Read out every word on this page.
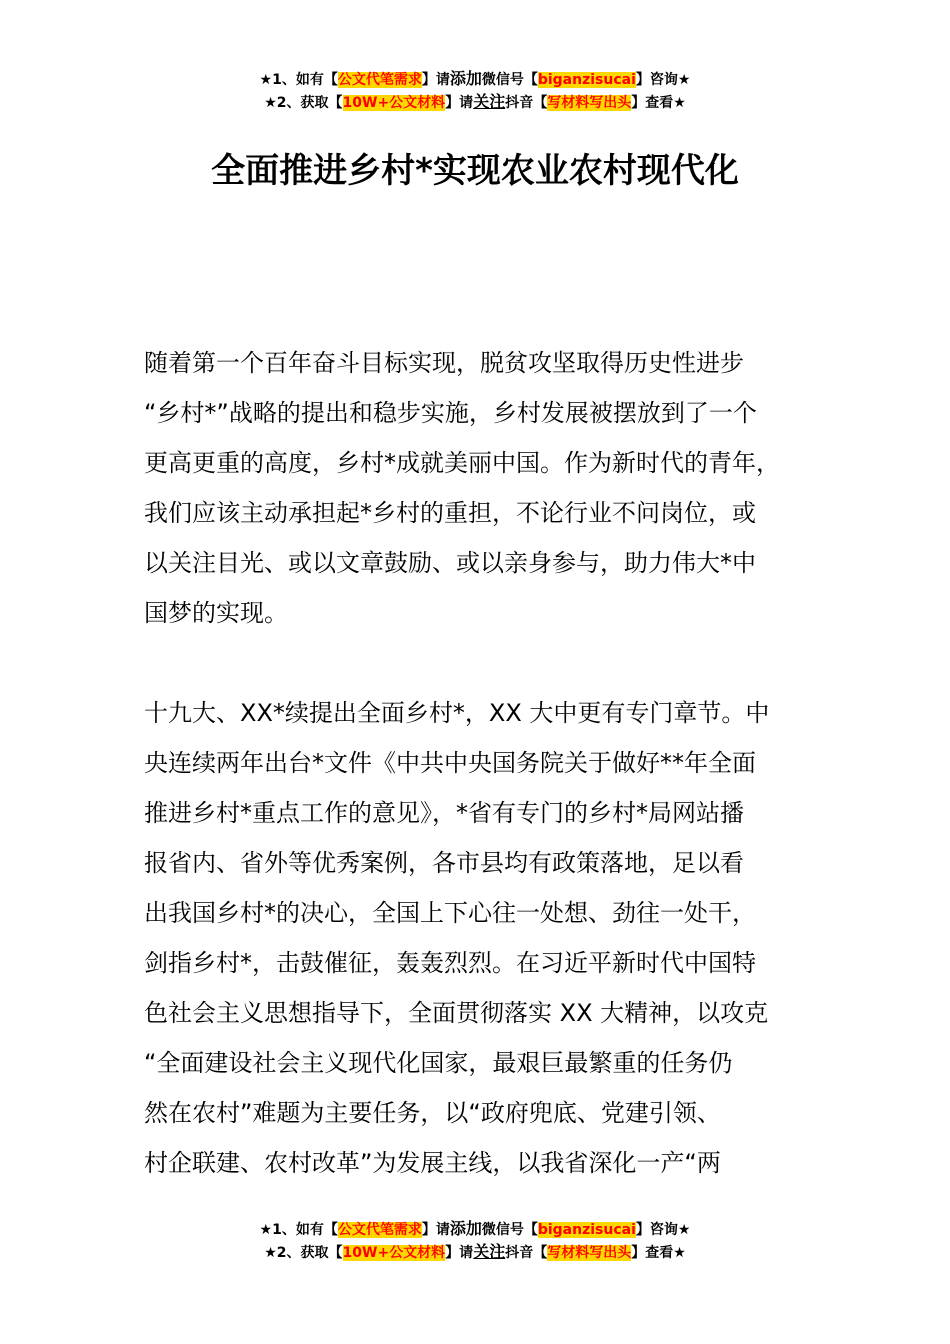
★1、如有【公文代笔需求】请添加微信号【biganzisucai】咨询★
★2、获取【10W+公文材料】请关注抖音【写材料写出头】查看★
全面推进乡村*实现农业农村现代化
随着第一个百年奋斗目标实现，脱贫攻坚取得历史性进步
“乡村*”战略的提出和稳步实施，乡村发展被摆放到了一个
更高更重的高度，乡村*成就美丽中国。作为新时代的青年，
我们应该主动承担起*乡村的重担，不论行业不问岗位，或
以关注目光、或以文章鼓励、或以亲身参与，助力伟大*中
国梦的实现。
十九大、XX*续提出全面乡村*，XX 大中更有专门章节。中
央连续两年出台*文件《中共中央国务院关于做好**年全面
推进乡村*重点工作的意见》，*省有专门的乡村*局网站播
报省内、省外等优秀案例，各市县均有政策落地，足以看
出我国乡村*的决心，全国上下心往一处想、劲往一处干，
剑指乡村*，击鼓催征，轰轰烈烈。在习近平新时代中国特
色社会主义思想指导下，全面贯彻落实 XX 大精神，以攻克
“全面建设社会主义现代化国家，最艰巨最繁重的任务仍
然在农村”难题为主要任务，以“政府兜底、党建引领、
村企联建、农村改革”为发展主线，以我省深化一产“两
★1、如有【公文代笔需求】请添加微信号【biganzisucai】咨询★
★2、获取【10W+公文材料】请关注抖音【写材料写出头】查看★
